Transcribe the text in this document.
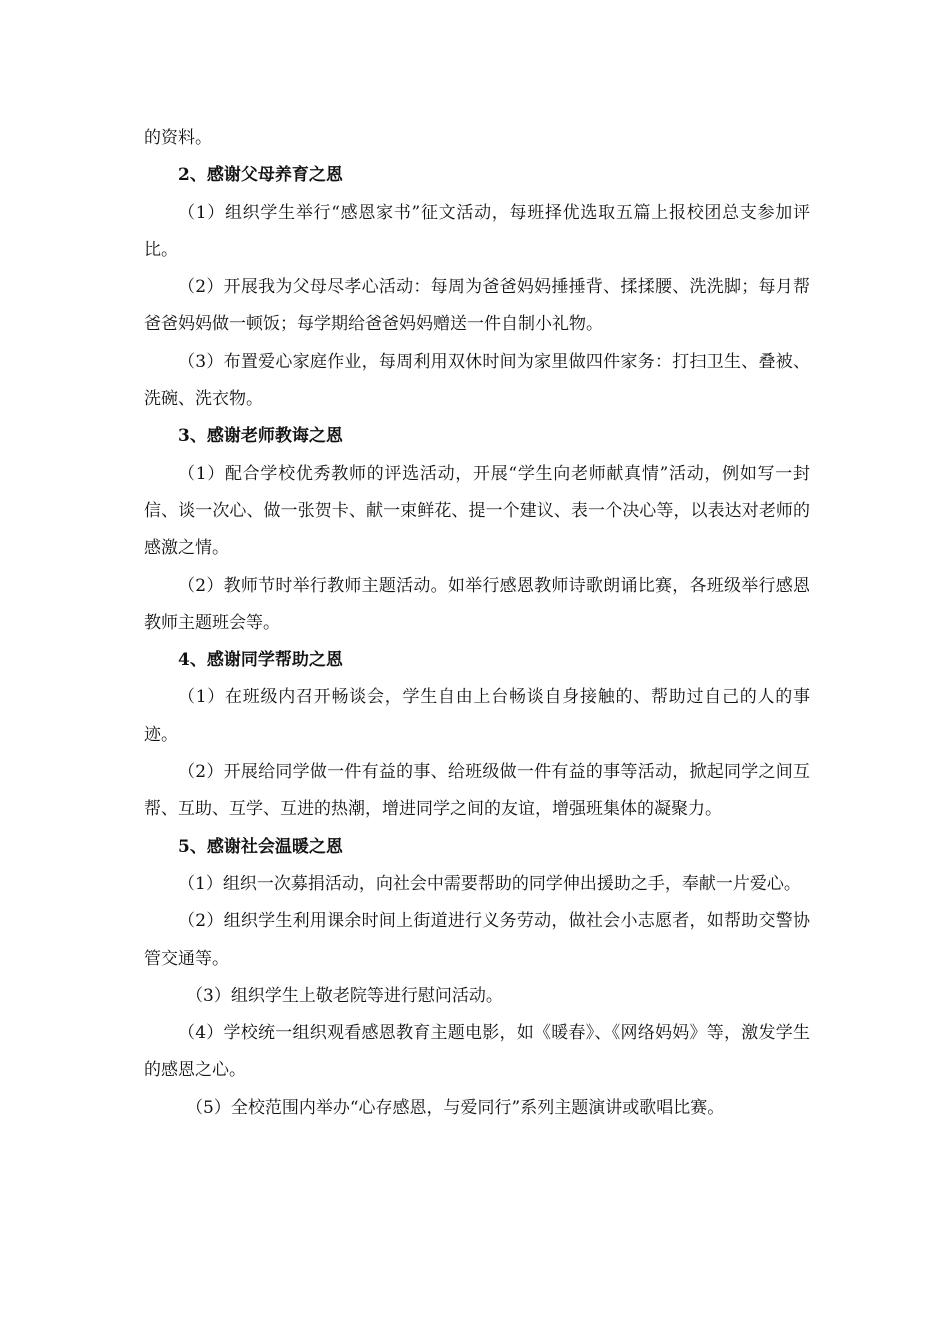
的资料。

2、感谢父母养育之恩

（1）组织学生举行“感恩家书”征文活动，每班择优选取五篇上报校团总支参加评比。

（2）开展我为父母尽孝心活动：每周为爸爸妈妈捶捶背、揉揉腰、洗洗脚；每月帮爸爸妈妈做一顿饭；每学期给爸爸妈妈赠送一件自制小礼物。

（3）布置爱心家庭作业，每周利用双休时间为家里做四件家务：打扫卫生、叠被、洗碗、洗衣物。

3、感谢老师教诲之恩

（1）配合学校优秀教师的评选活动，开展“学生向老师献真情”活动，例如写一封信、谈一次心、做一张贺卡、献一束鲜花、提一个建议、表一个决心等，以表达对老师的感激之情。

（2）教师节时举行教师主题活动。如举行感恩教师诗歌朗诵比赛，各班级举行感恩教师主题班会等。

4、感谢同学帮助之恩

（1）在班级内召开畅谈会，学生自由上台畅谈自身接触的、帮助过自己的人的事迹。

（2）开展给同学做一件有益的事、给班级做一件有益的事等活动，掀起同学之间互帮、互助、互学、互进的热潮，增进同学之间的友谊，增强班集体的凝聚力。

5、感谢社会温暖之恩

（1）组织一次募捐活动，向社会中需要帮助的同学伸出援助之手，奉献一片爱心。

（2）组织学生利用课余时间上街道进行义务劳动，做社会小志愿者，如帮助交警协管交通等。

（3）组织学生上敬老院等进行慰问活动。

（4）学校统一组织观看感恩教育主题电影，如《暖春》、《网络妈妈》等，激发学生的感恩之心。

（5）全校范围内举办“心存感恩，与爱同行”系列主题演讲或歌唱比赛。
